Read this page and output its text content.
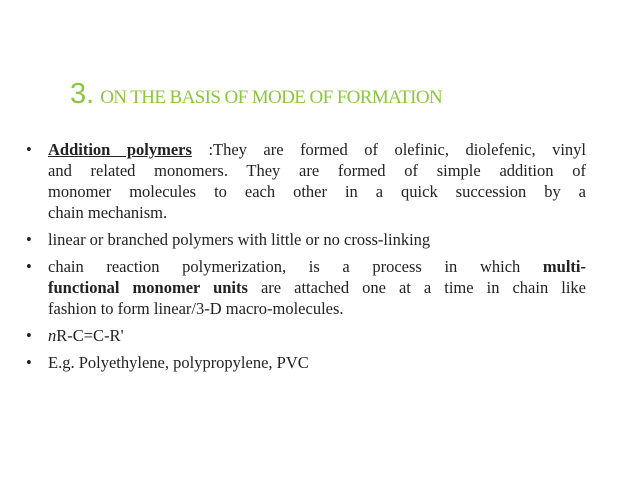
3. ON THE BASIS OF MODE OF FORMATION
• Addition polymers :They are formed of olefinic, diolefenic, vinyl
and related monomers. They are formed of simple addition of
monomer molecules to each other in a quick succession by a
chain mechanism.
• linear or branched polymers with little or no cross-linking
• chain reaction polymerization, is a process in which multi-
functional monomer units are attached one at a time in chain like
fashion to form linear/3-D macro-molecules.
• nR-C=C-R'
• E.g. Polyethylene, polypropylene, PVC
